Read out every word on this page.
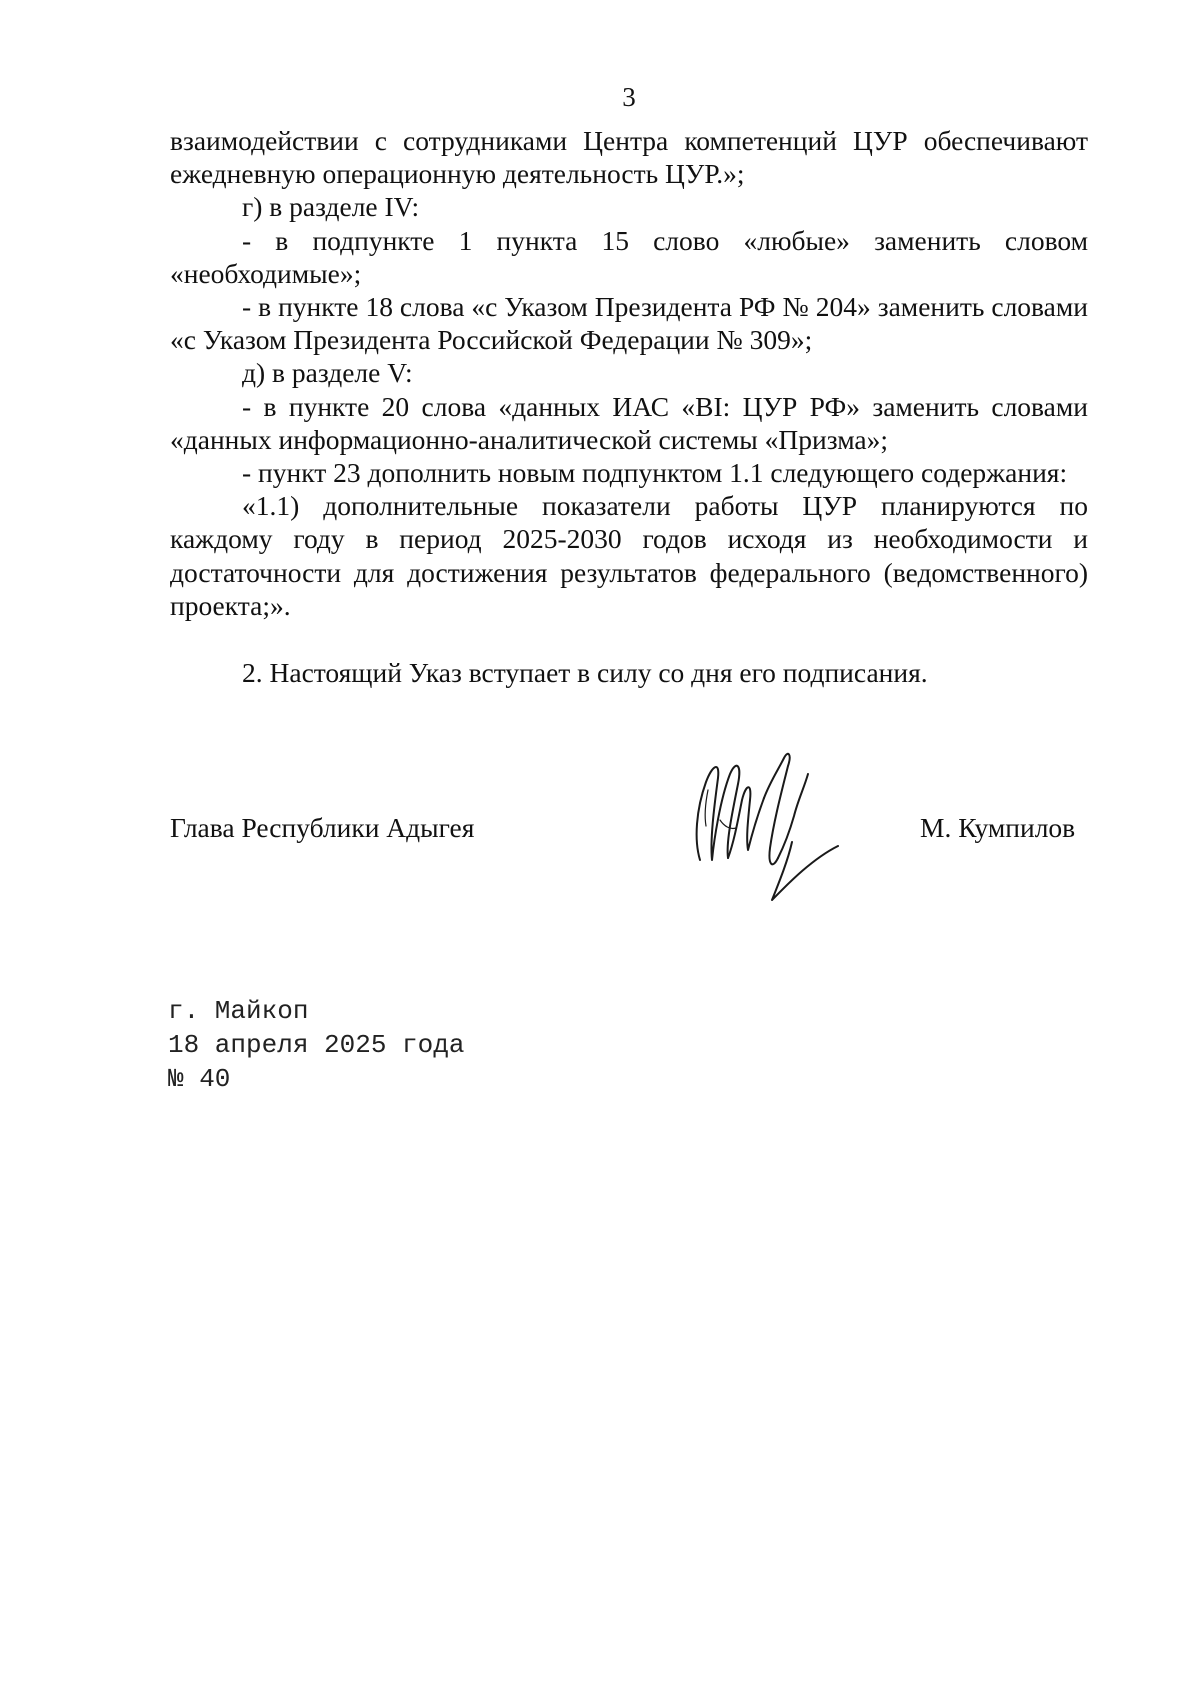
3

взаимодействии с сотрудниками Центра компетенций ЦУР обеспечивают ежедневную операционную деятельность ЦУР.»;

г) в разделе IV:

- в подпункте 1 пункта 15 слово «любые» заменить словом «необходимые»;

- в пункте 18 слова «с Указом Президента РФ № 204» заменить словами «с Указом Президента Российской Федерации № 309»;

д) в разделе V:

- в пункте 20 слова «данных ИАС «BI: ЦУР РФ» заменить словами «данных информационно-аналитической системы «Призма»;

- пункт 23 дополнить новым подпунктом 1.1 следующего содержания:

«1.1) дополнительные показатели работы ЦУР планируются по каждому году в период 2025-2030 годов исходя из необходимости и достаточности для достижения результатов федерального (ведомственного) проекта;».

2. Настоящий Указ вступает в силу со дня его подписания.

Глава Республики Адыгея	М. Кумпилов
г. Майкоп
18 апреля 2025 года
№ 40
